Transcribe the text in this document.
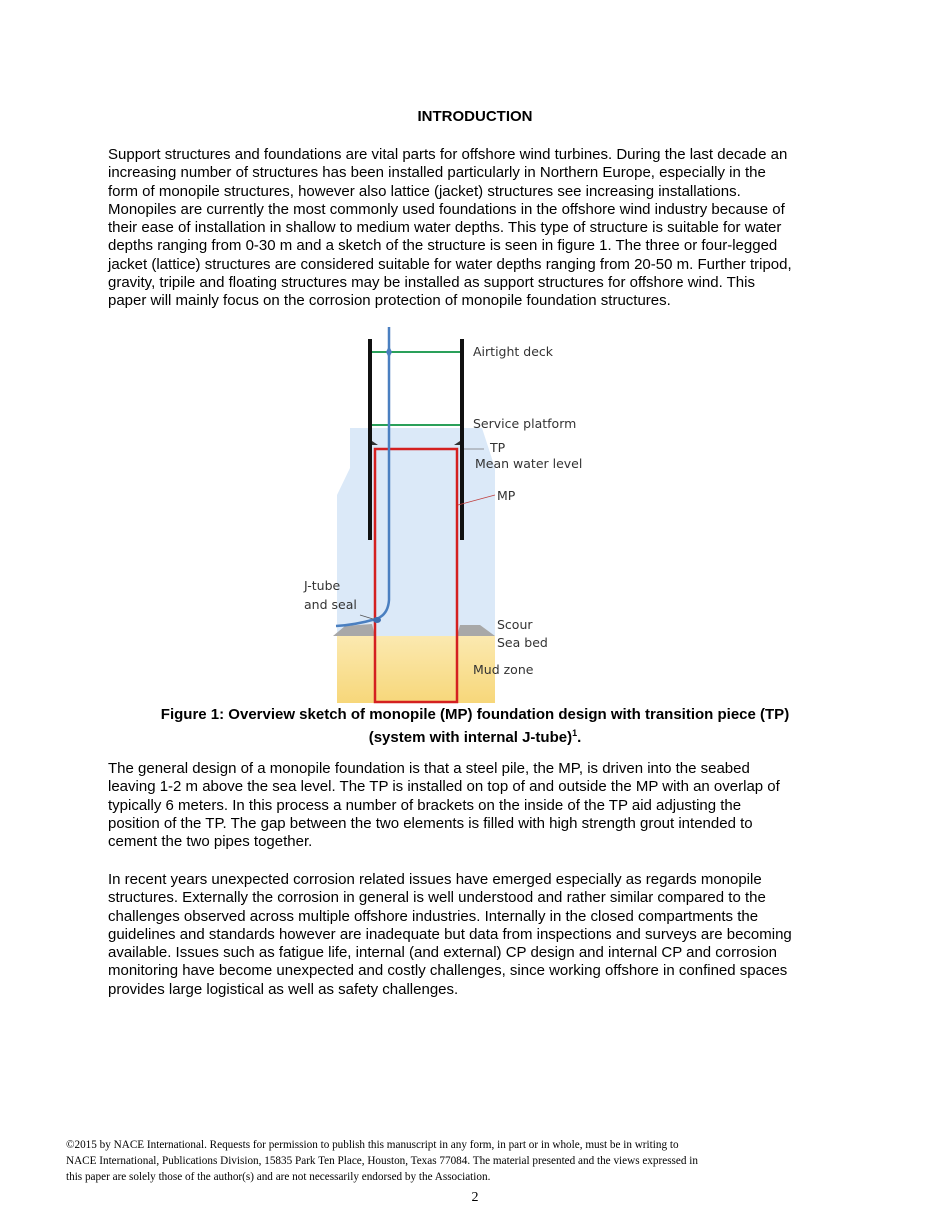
INTRODUCTION
Support structures and foundations are vital parts for offshore wind turbines. During the last decade an
increasing number of structures has been installed particularly in Northern Europe, especially in the
form of monopile structures, however also lattice (jacket) structures see increasing installations.
Monopiles are currently the most commonly used foundations in the offshore wind industry because of
their ease of installation in shallow to medium water depths. This type of structure is suitable for water
depths ranging from 0-30 m and a sketch of the structure is seen in figure 1. The three or four-legged
jacket (lattice) structures are considered suitable for water depths ranging from 20-50 m. Further tripod,
gravity, tripile and floating structures may be installed as support structures for offshore wind. This
paper will mainly focus on the corrosion protection of monopile foundation structures.
Airtight deck
Service platform
TP
Mean water level
MP
J-tube
and seal
Scour
Sea bed
Mud zone
Figure 1: Overview sketch of monopile (MP) foundation design with transition piece (TP)
(system with internal J-tube)$^1$.
The general design of a monopile foundation is that a steel pile, the MP, is driven into the seabed
leaving 1-2 m above the sea level. The TP is installed on top of and outside the MP with an overlap of
typically 6 meters. In this process a number of brackets on the inside of the TP aid adjusting the
position of the TP. The gap between the two elements is filled with high strength grout intended to
cement the two pipes together.
In recent years unexpected corrosion related issues have emerged especially as regards monopile
structures. Externally the corrosion in general is well understood and rather similar compared to the
challenges observed across multiple offshore industries. Internally in the closed compartments the
guidelines and standards however are inadequate but data from inspections and surveys are becoming
available. Issues such as fatigue life, internal (and external) CP design and internal CP and corrosion
monitoring have become unexpected and costly challenges, since working offshore in confined spaces
provides large logistical as well as safety challenges.
©2015 by NACE International. Requests for permission to publish this manuscript in any form, in part or in whole, must be in writing to
NACE International, Publications Division, 15835 Park Ten Place, Houston, Texas 77084. The material presented and the views expressed in
this paper are solely those of the author(s) and are not necessarily endorsed by the Association.
2
